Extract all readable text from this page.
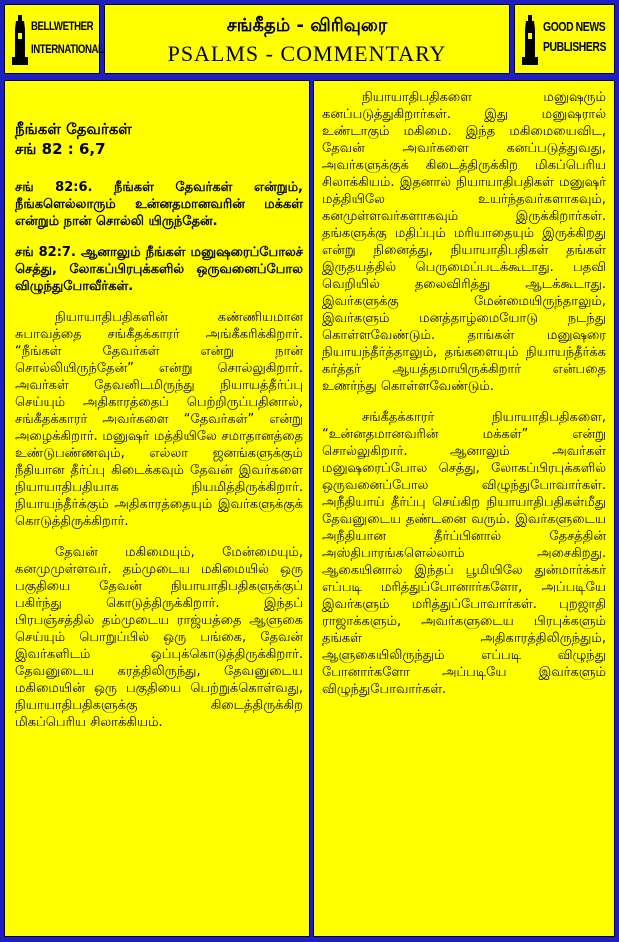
BELLWETHER
INTERNATIONAL
சங்கீதம் - விரிவுரை
PSALMS - COMMENTARY
GOOD NEWS
PUBLISHERS
நீங்கள் தேவர்கள்
சங் 82 : 6,7

சங் 82:6. நீங்கள் தேவர்கள் என்றும், நீங்களெல்லாரும் உன்னதமானவரின் மக்கள் என்றும் நான் சொல்லி யிருந்தேன்.

சங் 82:7. ஆனாலும் நீங்கள் மனுஷரைப்போலச் செத்து, லோகப்பிரபுக்களில் ஒருவனைப்போல விழுந்துபோவீர்கள்.

நியாயாதிபதிகளின் கண்ணியமான சுபாவத்தை சங்கீதக்காரர் அங்கீகரிக்கிறார். “நீங்கள் தேவர்கள் என்று நான் சொல்லியிருந்தேன்” என்று சொல்லுகிறார். அவர்கள் தேவனிடமிருந்து நியாயத்தீர்ப்பு செய்யும் அதிகாரத்தைப் பெற்றிருப்பதினால், சங்கீதக்காரர் அவர்களை “தேவர்கள்” என்று அழைக்கிறார். மனுஷர் மத்தியிலே சமாதானத்தை உண்டுபண்ணவும், எல்லா ஜனங்களுக்கும் நீதியான தீர்ப்பு கிடைக்கவும் தேவன் இவர்களை நியாயாதிபதியாக நியமித்திருக்கிறார். நியாயந்தீர்க்கும் அதிகாரத்தையும் இவர்களுக்குக் கொடுத்திருக்கிறார்.

தேவன் மகிமையும், மேன்மையும், கனமுமுள்ளவர். தம்முடைய மகிமையில் ஒரு பகுதியை தேவன் நியாயாதிபதிகளுக்குப் பகிர்ந்து கொடுத்திருக்கிறார். இந்தப் பிரபஞ்சத்தில் தம்முடைய ராஜ்யத்தை ஆளுகை செய்யும் பொறுப்பில் ஒரு பங்கை, தேவன் இவர்களிடம் ஒப்புக்கொடுத்திருக்கிறார். தேவனுடைய கரத்திலிருந்து, தேவனுடைய மகிமையின் ஒரு பகுதியை பெற்றுக்கொள்வது, நியாயாதிபதிகளுக்கு கிடைத்திருக்கிற மிகப்பெரிய சிலாக்கியம்.

நியாயாதிபதிகளை மனுஷரும் கனப்படுத்துகிறார்கள். இது மனுஷரால் உண்டாகும் மகிமை. இந்த மகிமையைவிட, தேவன் அவர்களை கனப்படுத்துவது, அவர்களுக்குக் கிடைத்திருக்கிற மிகப்பெரிய சிலாக்கியம். இதனால் நியாயாதிபதிகள் மனுஷர் மத்தியிலே உயர்ந்தவர்களாகவும், கனமுள்ளவர்களாகவும் இருக்கிறார்கள். தங்களுக்கு மதிப்பும் மரியாதையும் இருக்கிறது என்று நினைத்து, நியாயாதிபதிகள் தங்கள் இருதயத்தில் பெருமைப்படக்கூடாது. பதவி வெறியில் தலைவிரித்து ஆடக்கூடாது. இவர்களுக்கு மேன்மையிருந்தாலும், இவர்களும் மனத்தாழ்மையோடு நடந்து கொள்ளவேண்டும். தாங்கள் மனுஷரை நியாயந்தீர்த்தாலும், தங்களையும் நியாயந்தீர்க்க கர்த்தர் ஆயத்தமாயிருக்கிறார் என்பதை உணர்ந்து கொள்ளவேண்டும்.

சங்கீதக்காரர் நியாயாதிபதிகளை, “உன்னதமானவரின் மக்கள்” என்று சொல்லுகிறார். ஆனாலும் அவர்கள் மனுஷரைப்போல செத்து, லோகப்பிரபுக்களில் ஒருவனைப்போல விழுந்துபோவார்கள். அநீதியாய் தீர்ப்பு செய்கிற நியாயாதிபதிகள்மீது தேவனுடைய தண்டனை வரும். இவர்களுடைய அநீதியான தீர்ப்பினால் தேசத்தின் அஸ்திபாரங்களெல்லாம் அசைகிறது. ஆகையினால் இந்தப் பூமியிலே துன்மார்க்கர் எப்படி மரித்துப்போனார்களோ, அப்படியே இவர்களும் மரித்துப்போவார்கள். புறஜாதி ராஜாக்களும், அவர்களுடைய பிரபுக்களும் தங்கள் அதிகாரத்திலிருந்தும், ஆளுகையிலிருந்தும் எப்படி விழுந்து போனார்களோ அப்படியே இவர்களும் விழுந்துபோவார்கள்.
